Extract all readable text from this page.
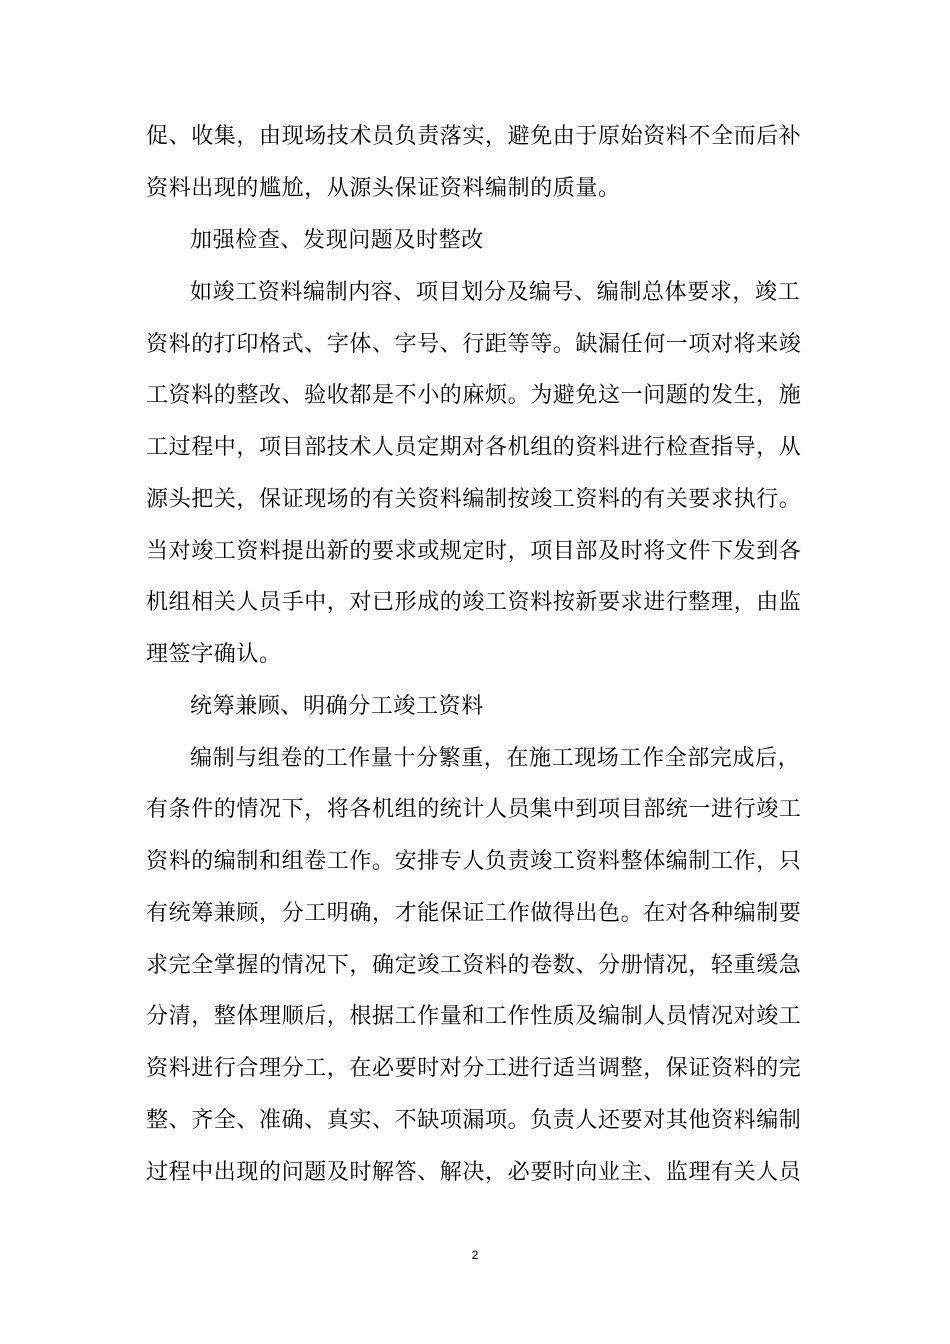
促、收集，由现场技术员负责落实，避免由于原始资料不全而后补
资料出现的尴尬，从源头保证资料编制的质量。
加强检查、发现问题及时整改
如竣工资料编制内容、项目划分及编号、编制总体要求，竣工
资料的打印格式、字体、字号、行距等等。缺漏任何一项对将来竣
工资料的整改、验收都是不小的麻烦。为避免这一问题的发生，施
工过程中，项目部技术人员定期对各机组的资料进行检查指导，从
源头把关，保证现场的有关资料编制按竣工资料的有关要求执行。
当对竣工资料提出新的要求或规定时，项目部及时将文件下发到各
机组相关人员手中，对已形成的竣工资料按新要求进行整理，由监
理签字确认。
统筹兼顾、明确分工竣工资料
编制与组卷的工作量十分繁重，在施工现场工作全部完成后，
有条件的情况下，将各机组的统计人员集中到项目部统一进行竣工
资料的编制和组卷工作。安排专人负责竣工资料整体编制工作，只
有统筹兼顾，分工明确，才能保证工作做得出色。在对各种编制要
求完全掌握的情况下，确定竣工资料的卷数、分册情况，轻重缓急
分清，整体理顺后，根据工作量和工作性质及编制人员情况对竣工
资料进行合理分工，在必要时对分工进行适当调整，保证资料的完
整、齐全、准确、真实、不缺项漏项。负责人还要对其他资料编制
过程中出现的问题及时解答、解决，必要时向业主、监理有关人员
2
